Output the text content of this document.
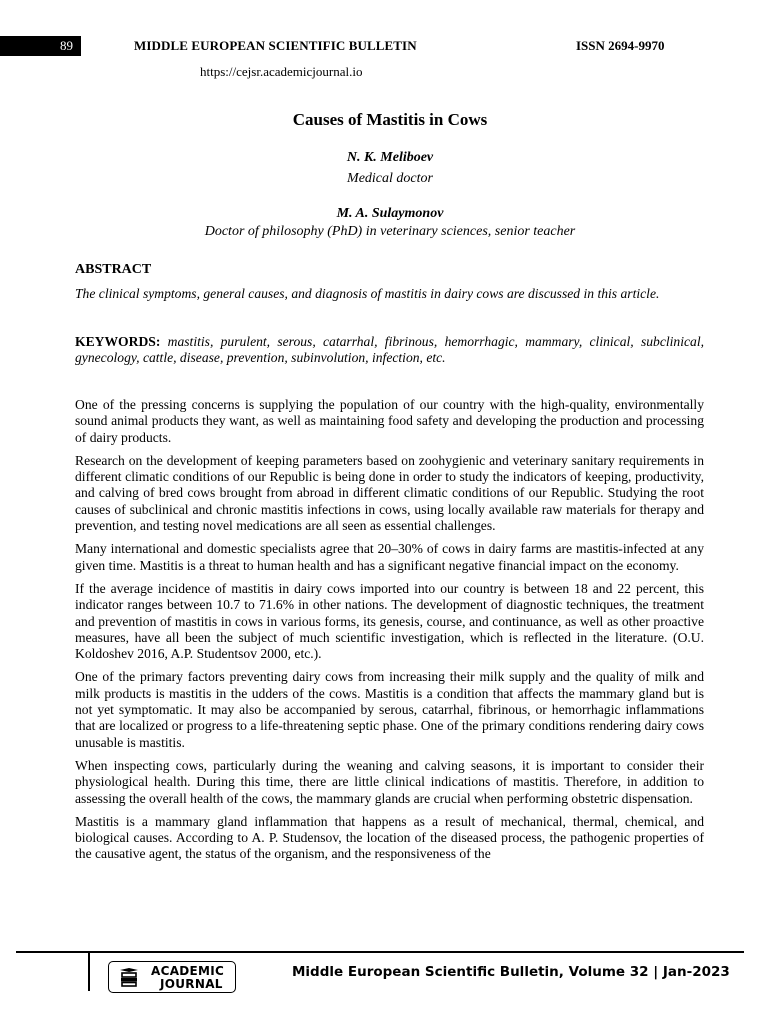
89	MIDDLE EUROPEAN SCIENTIFIC BULLETIN	ISSN 2694-9970
https://cejsr.academicjournal.io
Causes of Mastitis in Cows
N. K. Meliboev
Medical doctor
M. A. Sulaymonov
Doctor of philosophy (PhD) in veterinary sciences, senior teacher
ABSTRACT
The clinical symptoms, general causes, and diagnosis of mastitis in dairy cows are discussed in this article.
KEYWORDS: mastitis, purulent, serous, catarrhal, fibrinous, hemorrhagic, mammary, clinical, subclinical, gynecology, cattle, disease, prevention, subinvolution, infection, etc.

One of the pressing concerns is supplying the population of our country with the high-quality, environmentally sound animal products they want, as well as maintaining food safety and developing the production and processing of dairy products.

Research on the development of keeping parameters based on zoohygienic and veterinary sanitary requirements in different climatic conditions of our Republic is being done in order to study the indicators of keeping, productivity, and calving of bred cows brought from abroad in different climatic conditions of our Republic. Studying the root causes of subclinical and chronic mastitis infections in cows, using locally available raw materials for therapy and prevention, and testing novel medications are all seen as essential challenges.

Many international and domestic specialists agree that 20–30% of cows in dairy farms are mastitis-infected at any given time. Mastitis is a threat to human health and has a significant negative financial impact on the economy.

If the average incidence of mastitis in dairy cows imported into our country is between 18 and 22 percent, this indicator ranges between 10.7 to 71.6% in other nations. The development of diagnostic techniques, the treatment and prevention of mastitis in cows in various forms, its genesis, course, and continuance, as well as other proactive measures, have all been the subject of much scientific investigation, which is reflected in the literature. (O.U. Koldoshev 2016, A.P. Studentsov 2000, etc.).

One of the primary factors preventing dairy cows from increasing their milk supply and the quality of milk and milk products is mastitis in the udders of the cows. Mastitis is a condition that affects the mammary gland but is not yet symptomatic. It may also be accompanied by serous, catarrhal, fibrinous, or hemorrhagic inflammations that are localized or progress to a life-threatening septic phase. One of the primary conditions rendering dairy cows unusable is mastitis.

When inspecting cows, particularly during the weaning and calving seasons, it is important to consider their physiological health. During this time, there are little clinical indications of mastitis. Therefore, in addition to assessing the overall health of the cows, the mammary glands are crucial when performing obstetric dispensation.

Mastitis is a mammary gland inflammation that happens as a result of mechanical, thermal, chemical, and biological causes. According to A. P. Studensov, the location of the diseased process, the pathogenic properties of the causative agent, the status of the organism, and the responsiveness of the

ACADEMIC
JOURNAL
Middle European Scientific Bulletin, Volume 32 | Jan-2023
